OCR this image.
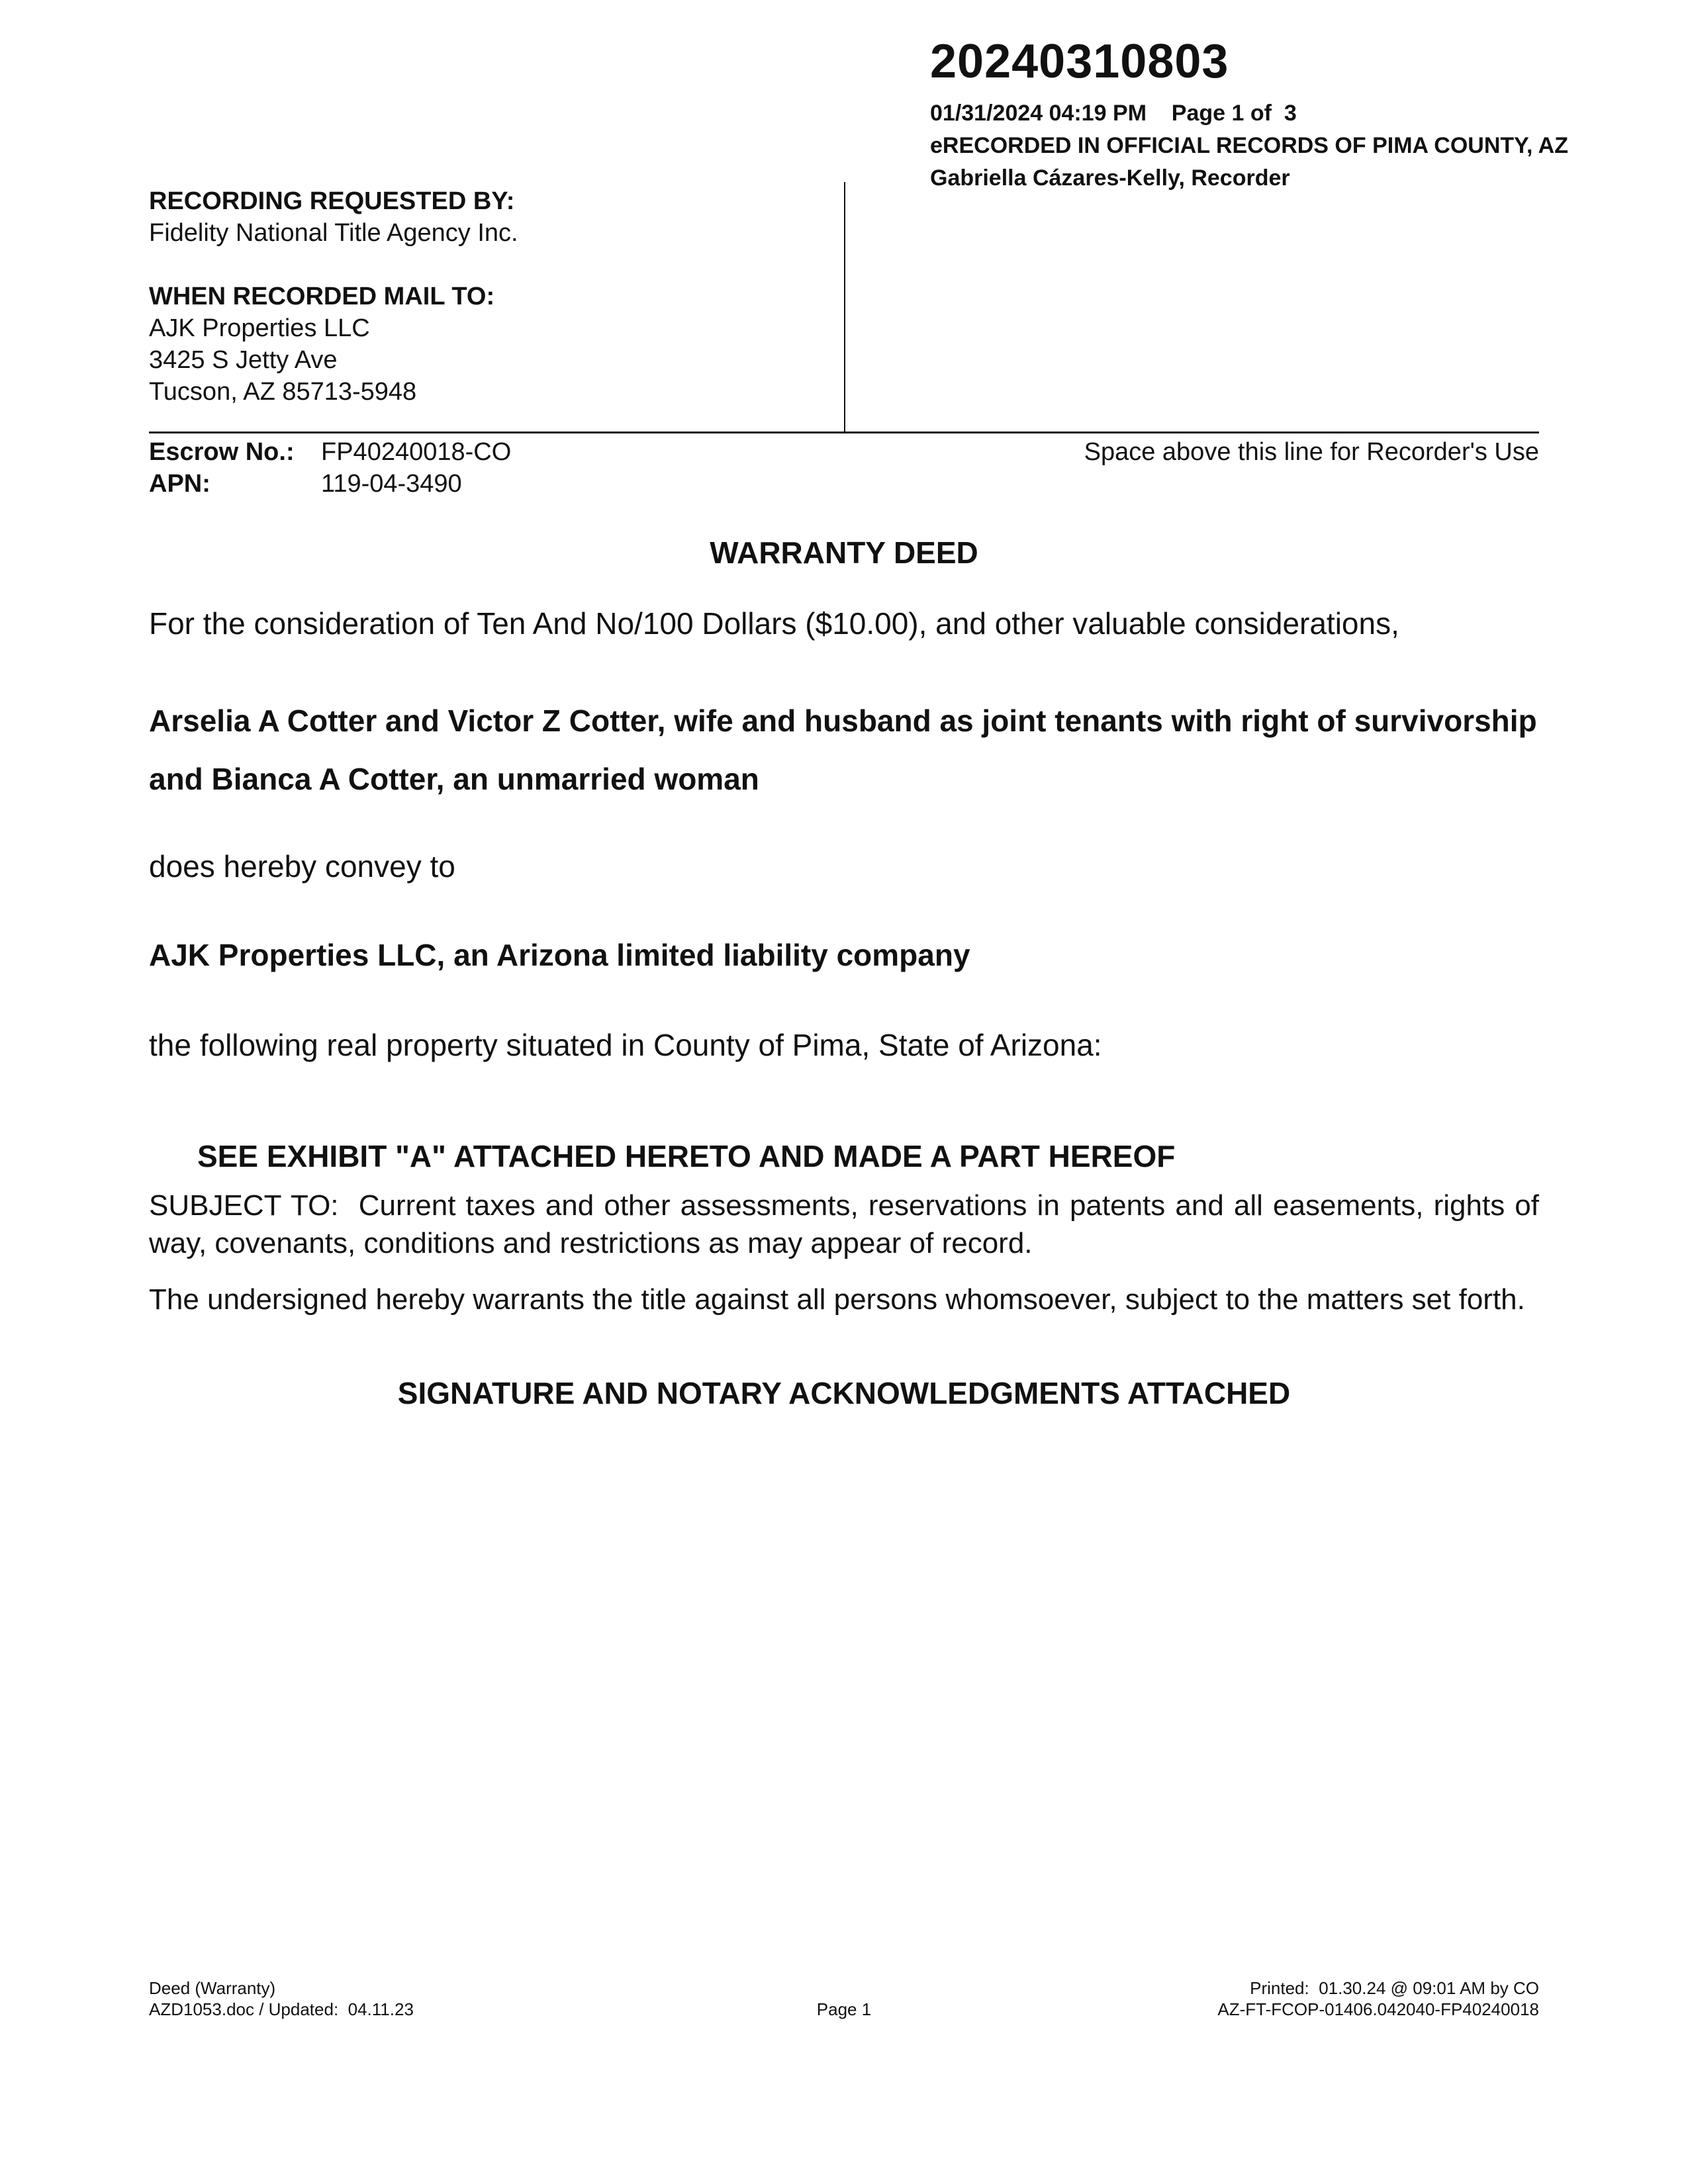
20240310803
01/31/2024 04:19 PM    Page 1 of  3
eRECORDED IN OFFICIAL RECORDS OF PIMA COUNTY, AZ
Gabriella Cázares-Kelly, Recorder
RECORDING REQUESTED BY:
Fidelity National Title Agency Inc.
WHEN RECORDED MAIL TO:
AJK Properties LLC
3425 S Jetty Ave
Tucson, AZ 85713-5948
Escrow No.: FP40240018-CO
APN:	119-04-3490
Space above this line for Recorder's Use
WARRANTY DEED
For the consideration of Ten And No/100 Dollars ($10.00), and other valuable considerations,
Arselia A Cotter and Victor Z Cotter, wife and husband as joint tenants with right of survivorship and Bianca A Cotter, an unmarried woman
does hereby convey to
AJK Properties LLC, an Arizona limited liability company
the following real property situated in County of Pima, State of Arizona:
SEE EXHIBIT "A" ATTACHED HERETO AND MADE A PART HEREOF
SUBJECT TO:  Current taxes and other assessments, reservations in patents and all easements, rights of way, covenants, conditions and restrictions as may appear of record.
The undersigned hereby warrants the title against all persons whomsoever, subject to the matters set forth.
SIGNATURE AND NOTARY ACKNOWLEDGMENTS ATTACHED
Deed (Warranty)
AZD1053.doc / Updated:  04.11.23	Page 1
Printed:  01.30.24 @ 09:01 AM by CO
AZ-FT-FCOP-01406.042040-FP40240018
